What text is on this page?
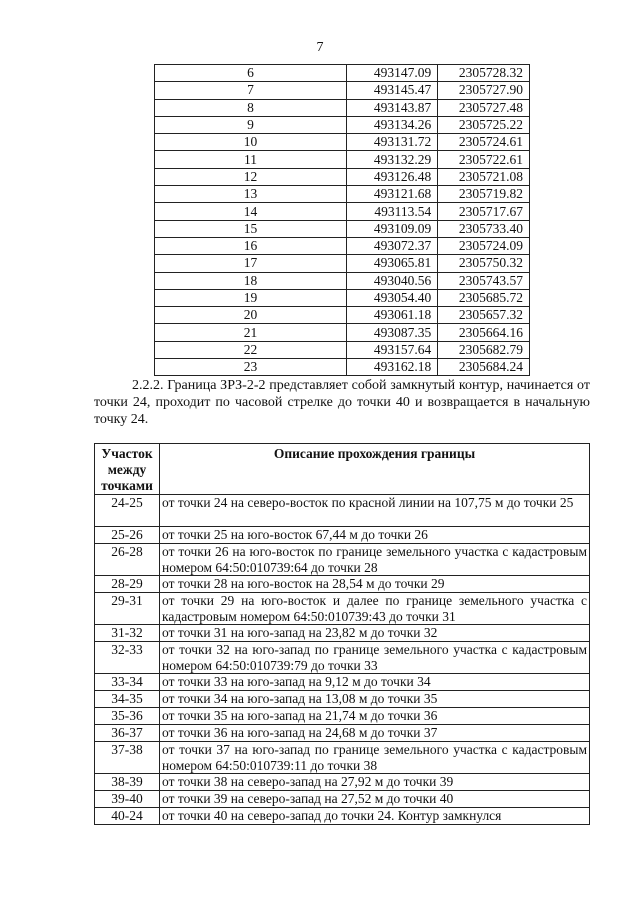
7
6	493147.09	2305728.32
7	493145.47	2305727.90
8	493143.87	2305727.48
9	493134.26	2305725.22
10	493131.72	2305724.61
11	493132.29	2305722.61
12	493126.48	2305721.08
13	493121.68	2305719.82
14	493113.54	2305717.67
15	493109.09	2305733.40
16	493072.37	2305724.09
17	493065.81	2305750.32
18	493040.56	2305743.57
19	493054.40	2305685.72
20	493061.18	2305657.32
21	493087.35	2305664.16
22	493157.64	2305682.79
23	493162.18	2305684.24
2.2.2. Граница ЗРЗ-2-2 представляет собой замкнутый контур, начинается от точки 24, проходит по часовой стрелке до точки 40 и возвращается в начальную точку 24.
Участок между точками	Описание прохождения границы
24-25	от точки 24 на северо-восток по красной линии на 107,75 м до точки 25
25-26	от точки 25 на юго-восток 67,44 м до точки 26
26-28	от точки 26 на юго-восток по границе земельного участка с кадастровым номером 64:50:010739:64 до точки 28
28-29	от точки 28 на юго-восток на 28,54 м до точки 29
29-31	от точки 29 на юго-восток и далее по границе земельного участка с кадастровым номером 64:50:010739:43 до точки 31
31-32	от точки 31 на юго-запад на 23,82 м до точки 32
32-33	от точки 32 на юго-запад по границе земельного участка с кадастровым номером 64:50:010739:79 до точки 33
33-34	от точки 33 на юго-запад на 9,12 м до точки 34
34-35	от точки 34 на юго-запад на 13,08 м до точки 35
35-36	от точки 35 на юго-запад на 21,74 м до точки 36
36-37	от точки 36 на юго-запад на 24,68 м до точки 37
37-38	от точки 37 на юго-запад по границе земельного участка с кадастровым номером 64:50:010739:11 до точки 38
38-39	от точки 38 на северо-запад на 27,92 м до точки 39
39-40	от точки 39 на северо-запад на 27,52 м до точки 40
40-24	от точки 40 на северо-запад до точки 24. Контур замкнулся
